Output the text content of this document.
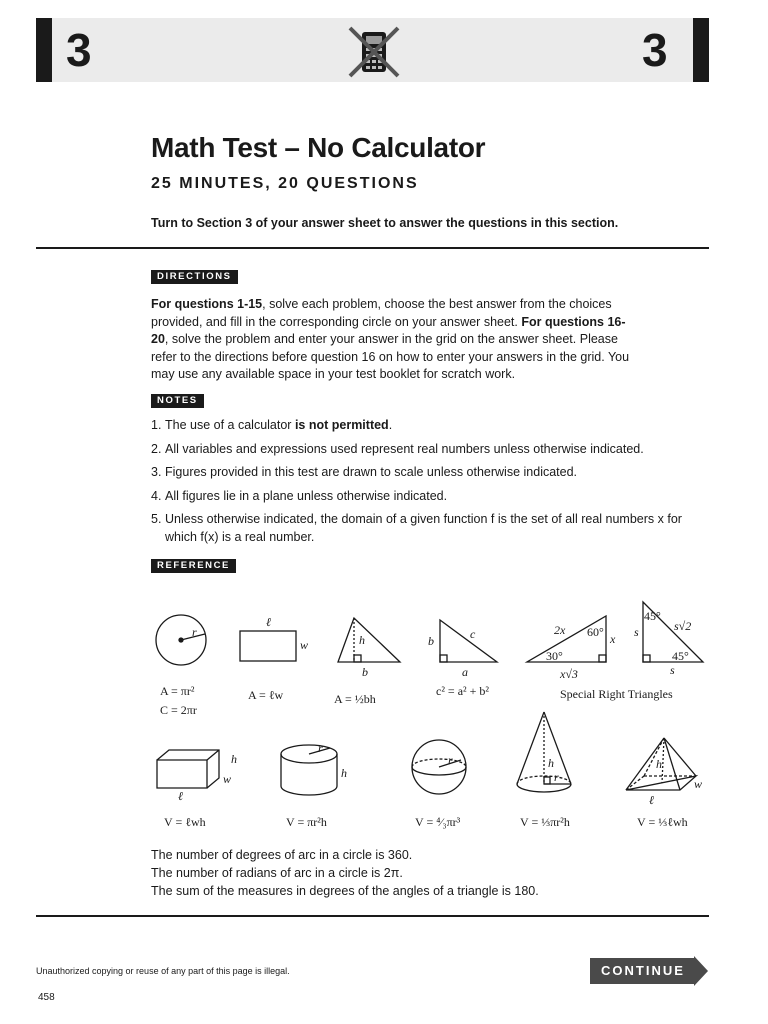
3	3
Math Test – No Calculator
25 MINUTES, 20 QUESTIONS
Turn to Section 3 of your answer sheet to answer the questions in this section.
DIRECTIONS
For questions 1-15, solve each problem, choose the best answer from the choices provided, and fill in the corresponding circle on your answer sheet. For questions 16-20, solve the problem and enter your answer in the grid on the answer sheet. Please refer to the directions before question 16 on how to enter your answers in the grid. You may use any available space in your test booklet for scratch work.
NOTES
1. The use of a calculator is not permitted.
2. All variables and expressions used represent real numbers unless otherwise indicated.
3. Figures provided in this test are drawn to scale unless otherwise indicated.
4. All figures lie in a plane unless otherwise indicated.
5. Unless otherwise indicated, the domain of a given function f is the set of all real numbers x for which f(x) is a real number.
REFERENCE
r
A = πr²
C = 2πr
ℓ
w
A = ℓw
h
b
A = ½bh
b	c
a
c² = a² + b²
2x 60° x
30°
x√3
45°
s√2
s
45°
s
Special Right Triangles
h
w
ℓ
V = ℓwh
r
h
V = πr²h
r
V = ⁴⁄₃πr³
h
r
V = ⅓πr²h
h
w
ℓ
V = ⅓ℓwh
The number of degrees of arc in a circle is 360.
The number of radians of arc in a circle is 2π.
The sum of the measures in degrees of the angles of a triangle is 180.
Unauthorized copying or reuse of any part of this page is illegal.
458
CONTINUE
